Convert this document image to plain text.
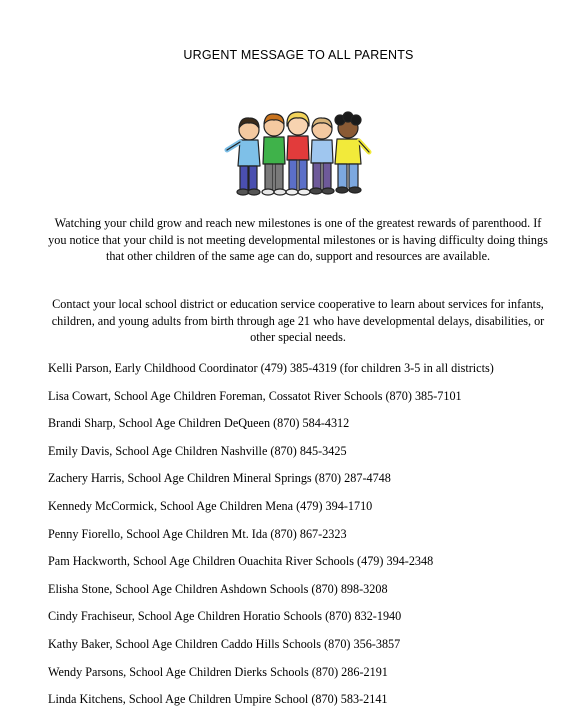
URGENT MESSAGE TO ALL PARENTS
Watching your child grow and reach new milestones is one of the greatest rewards of parenthood. If you notice that your child is not meeting developmental milestones or is having difficulty doing things that other children of the same age can do, support and resources are available.
Contact your local school district or education service cooperative to learn about services for infants, children, and young adults from birth through age 21 who have developmental delays, disabilities, or other special needs.
Kelli Parson, Early Childhood Coordinator (479) 385-4319 (for children 3-5 in all districts)
Lisa Cowart, School Age Children Foreman, Cossatot River Schools (870) 385-7101
Brandi Sharp, School Age Children DeQueen (870) 584-4312
Emily Davis, School Age Children Nashville (870) 845-3425
Zachery Harris, School Age Children Mineral Springs (870) 287-4748
Kennedy McCormick, School Age Children Mena (479) 394-1710
Penny Fiorello, School Age Children Mt. Ida (870) 867-2323
Pam Hackworth, School Age Children Ouachita River Schools (479) 394-2348
Elisha Stone, School Age Children Ashdown Schools (870) 898-3208
Cindy Frachiseur, School Age Children Horatio Schools (870) 832-1940
Kathy Baker, School Age Children Caddo Hills Schools (870) 356-3857
Wendy Parsons, School Age Children Dierks Schools (870) 286-2191
Linda Kitchens, School Age Children Umpire School (870) 583-2141
